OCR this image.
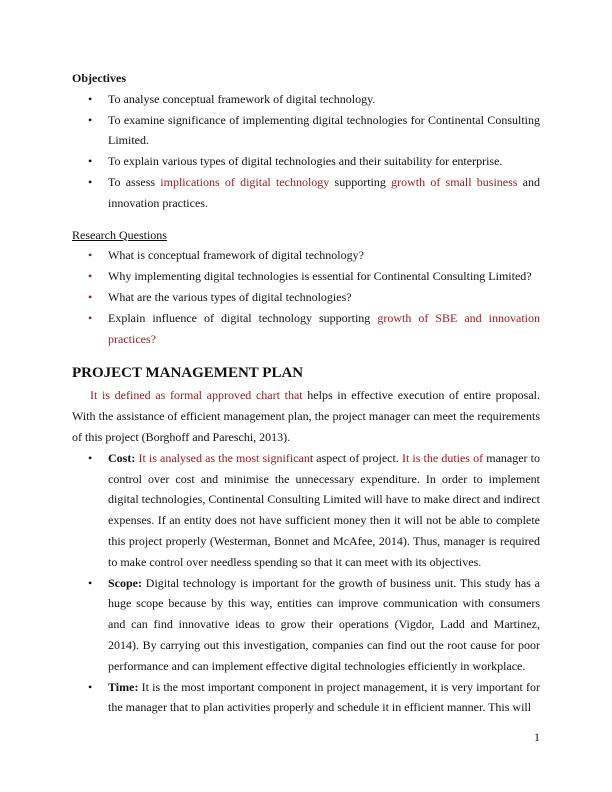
Objectives
• To analyse conceptual framework of digital technology.
• To examine significance of implementing digital technologies for Continental Consulting Limited.
• To explain various types of digital technologies and their suitability for enterprise.
• To assess implications of digital technology supporting growth of small business and innovation practices.
Research Questions
• What is conceptual framework of digital technology?
• Why implementing digital technologies is essential for Continental Consulting Limited?
• What are the various types of digital technologies?
• Explain influence of digital technology supporting growth of SBE and innovation practices?
PROJECT MANAGEMENT PLAN

It is defined as formal approved chart that helps in effective execution of entire proposal. With the assistance of efficient management plan, the project manager can meet the requirements of this project (Borghoff and Pareschi, 2013).

• Cost: It is analysed as the most significant aspect of project. It is the duties of manager to control over cost and minimise the unnecessary expenditure. In order to implement digital technologies, Continental Consulting Limited will have to make direct and indirect expenses. If an entity does not have sufficient money then it will not be able to complete this project properly (Westerman, Bonnet and McAfee, 2014). Thus, manager is required to make control over needless spending so that it can meet with its objectives.
• Scope: Digital technology is important for the growth of business unit. This study has a huge scope because by this way, entities can improve communication with consumers and can find innovative ideas to grow their operations (Vigdor, Ladd and Martinez, 2014). By carrying out this investigation, companies can find out the root cause for poor performance and can implement effective digital technologies efficiently in workplace.
• Time: It is the most important component in project management, it is very important for the manager that to plan activities properly and schedule it in efficient manner. This will
1
